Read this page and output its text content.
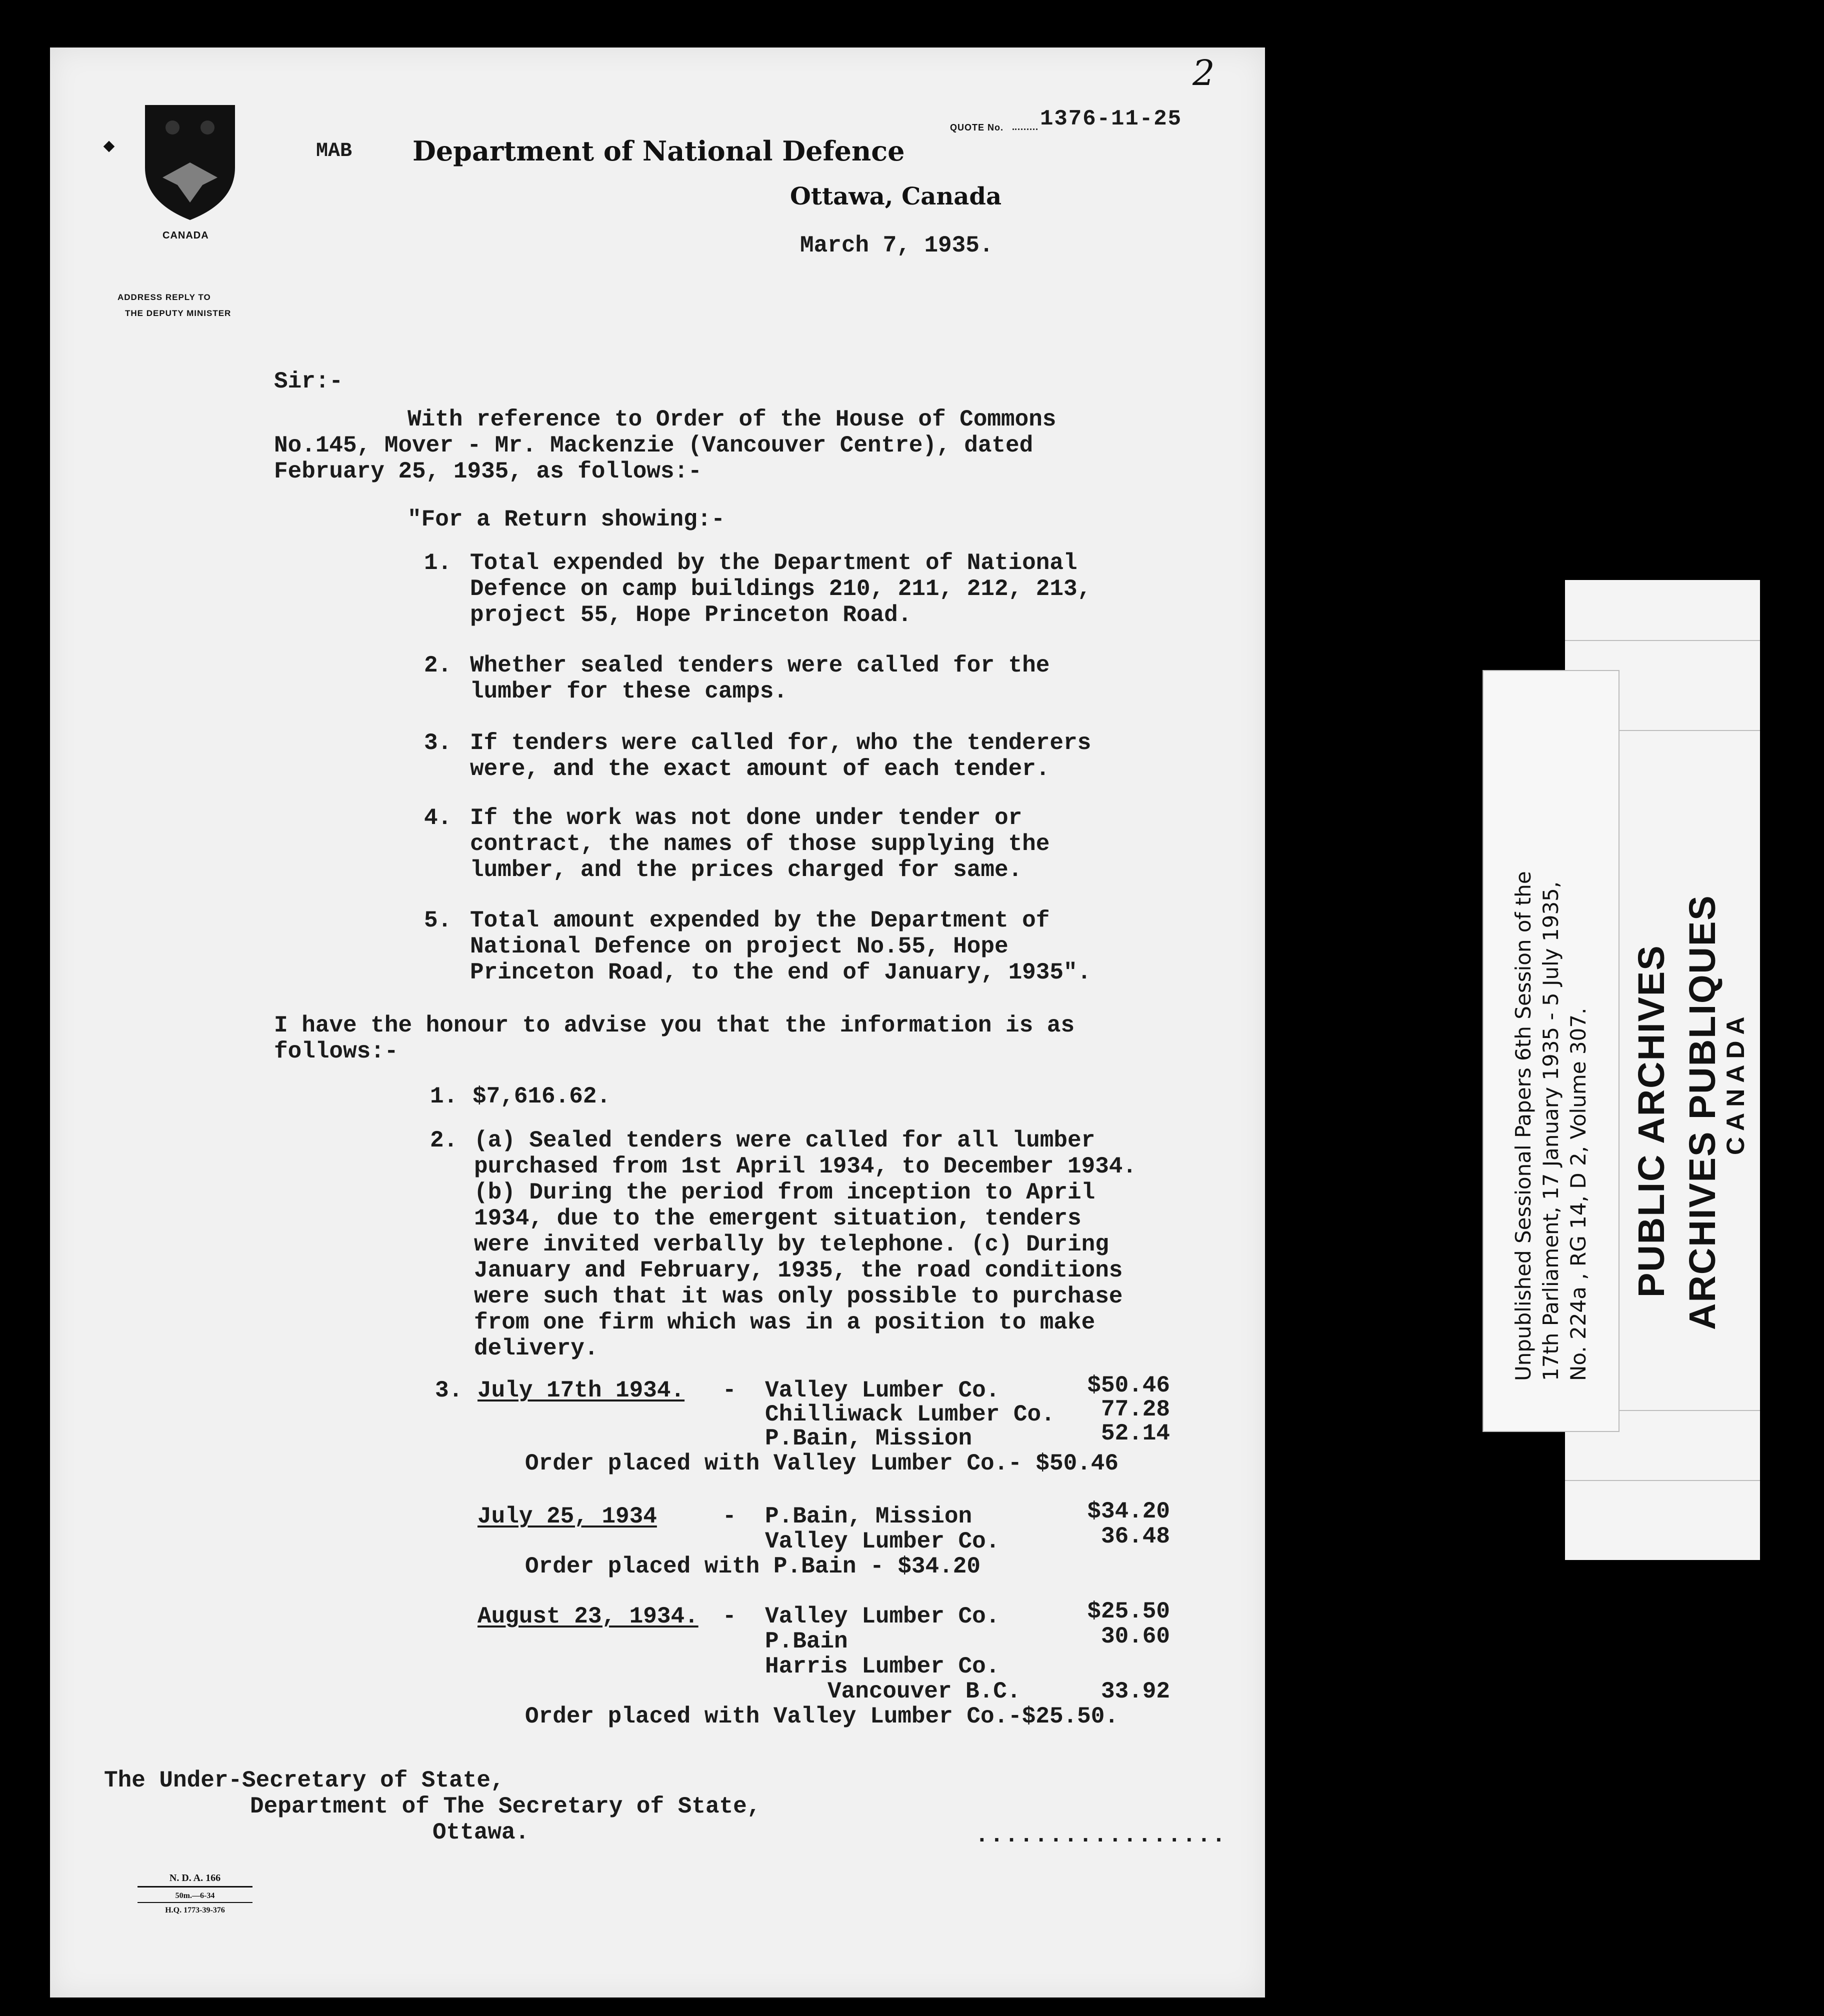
CANADA
MAB Department of National Defence
QUOTE No. 1376-11-25
2
Ottawa, Canada
March 7, 1935.
ADDRESS REPLY TO
THE DEPUTY MINISTER
Sir:-
With reference to Order of the House of Commons
No.145, Mover - Mr. Mackenzie (Vancouver Centre), dated
February 25, 1935, as follows:-
"For a Return showing:-
1. Total expended by the Department of National
Defence on camp buildings 210, 211, 212, 213,
project 55, Hope Princeton Road.
2. Whether sealed tenders were called for the
lumber for these camps.
3. If tenders were called for, who the tenderers
were, and the exact amount of each tender.
4. If the work was not done under tender or
contract, the names of those supplying the
lumber, and the prices charged for same.
5. Total amount expended by the Department of
National Defence on project No.55, Hope
Princeton Road, to the end of January, 1935".
I have the honour to advise you that the information is as
follows:-
1. $7,616.62.
2. (a) Sealed tenders were called for all lumber
purchased from 1st April 1934, to December 1934.
(b) During the period from inception to April
1934, due to the emergent situation, tenders
were invited verbally by telephone. (c) During
January and February, 1935, the road conditions
were such that it was only possible to purchase
from one firm which was in a position to make
delivery.
3. July 17th 1934. - Valley Lumber Co.	$50.46
Chilliwack Lumber Co.	77.28
P.Bain, Mission	52.14
Order placed with Valley Lumber Co.- $50.46
July 25, 1934	- P.Bain, Mission	$34.20
Valley Lumber Co.	36.48
Order placed with P.Bain - $34.20
August 23, 1934. - Valley Lumber Co.	$25.50
P.Bain	30.60
Harris Lumber Co.
Vancouver B.C.	33.92
Order placed with Valley Lumber Co.-$25.50.
The Under-Secretary of State,
Department of The Secretary of State,
Ottawa.	.................
N. D. A. 166
50m.—6-34
H.Q. 1773-39-376
PUBLIC ARCHIVES ARCHIVES PUBLIQUES
CANADA
Unpublished Sessional Papers 6th Session of the 17th Parliament, 17 January 1935 - 5 July 1935, No. 224a , RG 14, D 2, Volume 307.
